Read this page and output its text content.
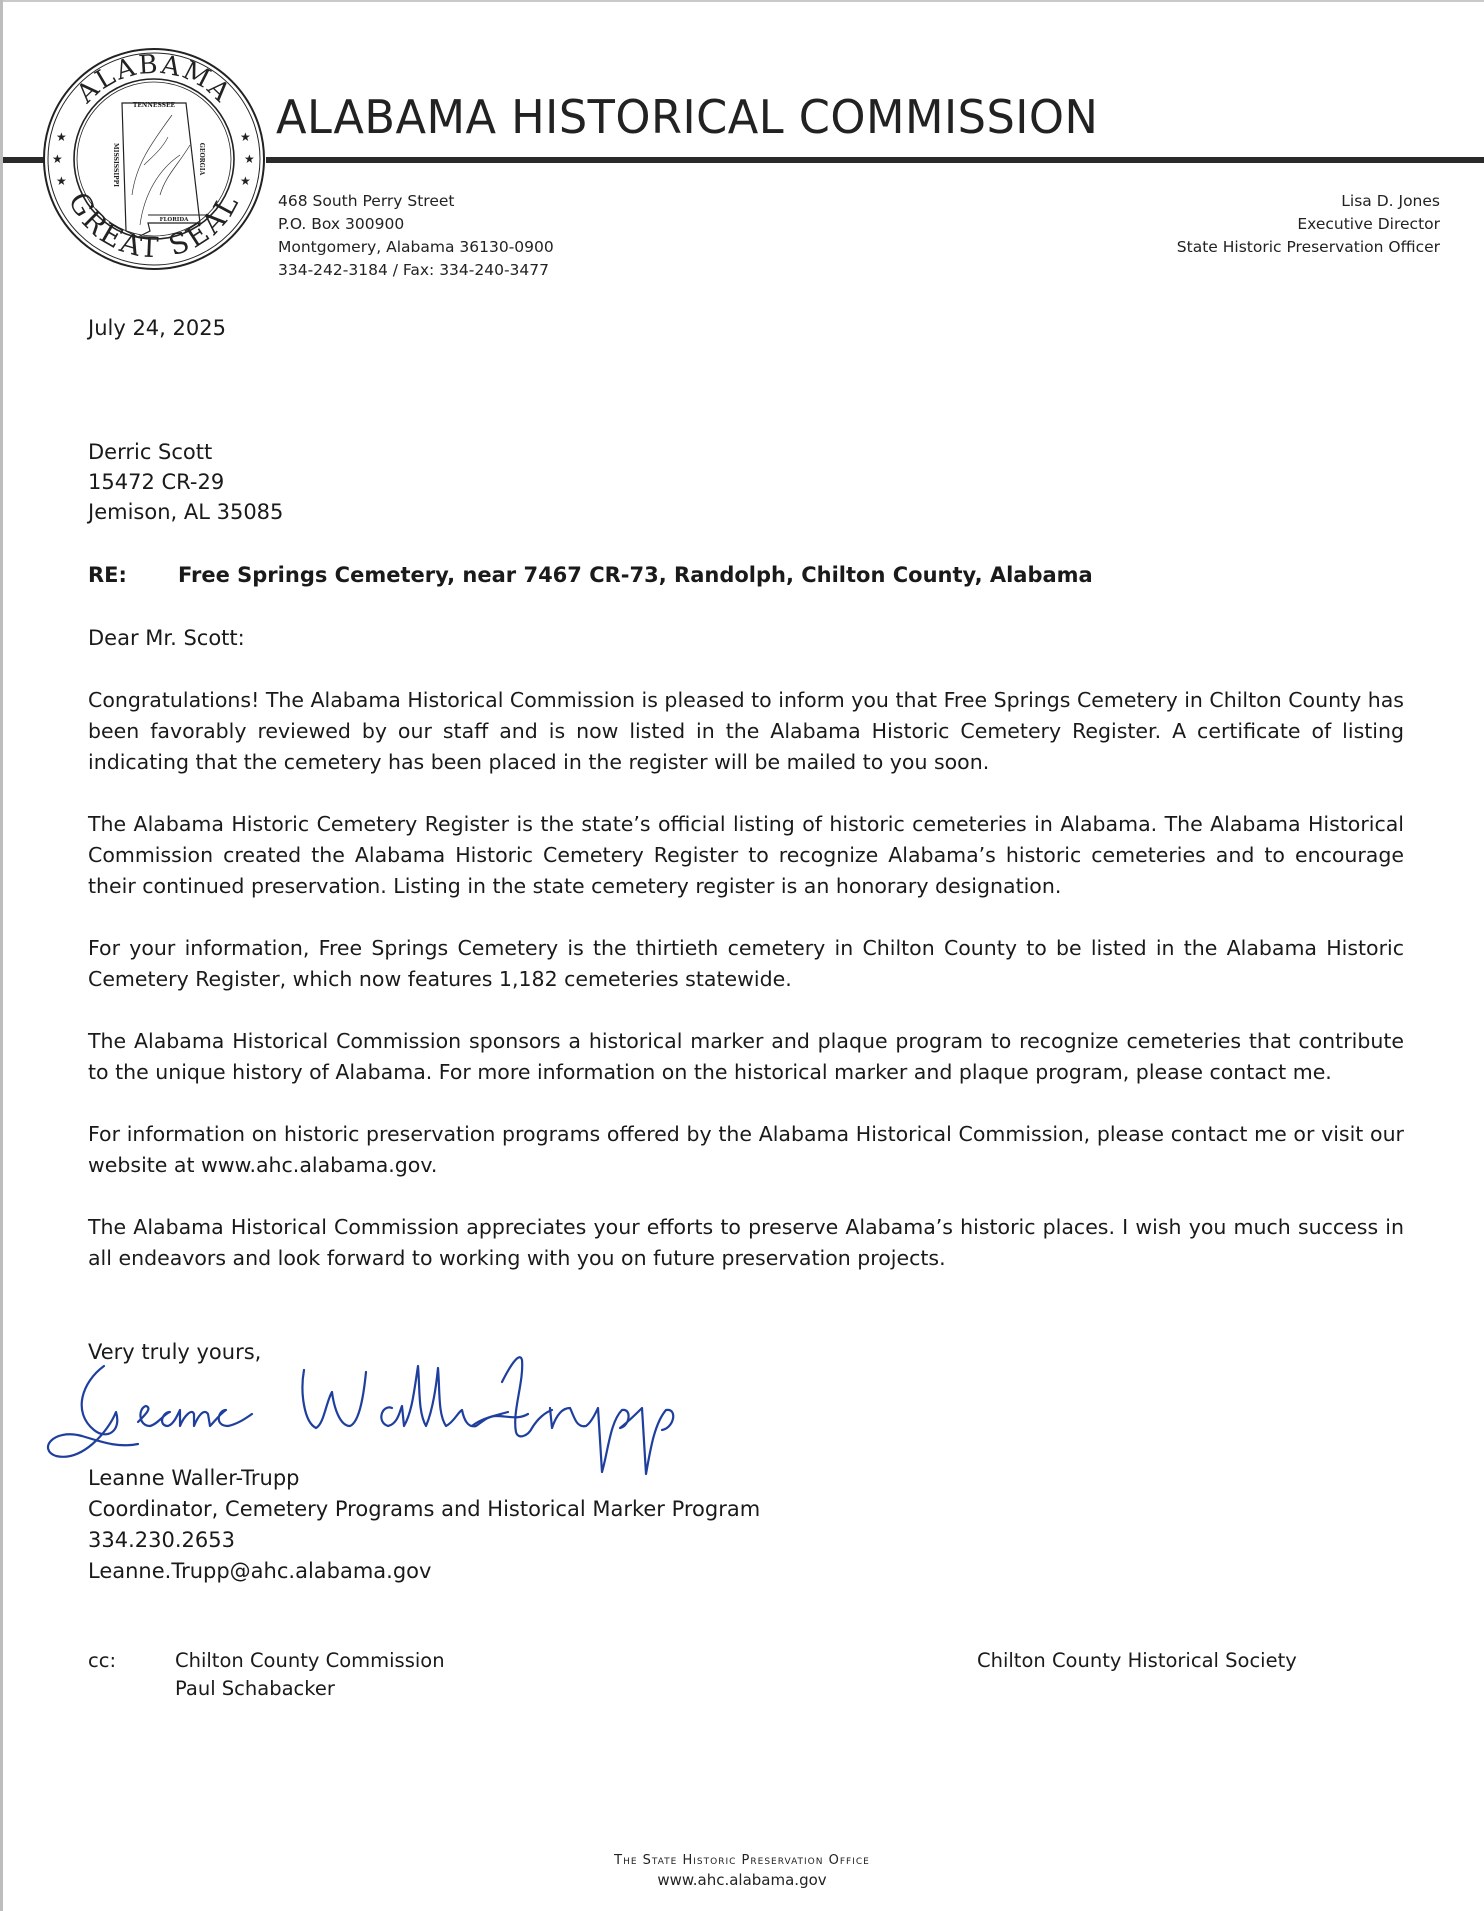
ALABAMA
GREAT SEAL
★
★
★
★
★
★
TENNESSEE
MISSISSIPPI	GEORGIA
FLORIDA
ALABAMA HISTORICAL COMMISSION
468 South Perry Street
P.O. Box 300900
Montgomery, Alabama 36130-0900
334-242-3184 / Fax: 334-240-3477
Lisa D. Jones
Executive Director
State Historic Preservation Officer
July 24, 2025
Derric Scott
15472 CR-29
Jemison, AL 35085
RE: Free Springs Cemetery, near 7467 CR-73, Randolph, Chilton County, Alabama
Dear Mr. Scott:

Congratulations! The Alabama Historical Commission is pleased to inform you that Free Springs Cemetery in Chilton County has been favorably reviewed by our staff and is now listed in the Alabama Historic Cemetery Register. A certificate of listing indicating that the cemetery has been placed in the register will be mailed to you soon.

The Alabama Historic Cemetery Register is the state’s official listing of historic cemeteries in Alabama. The Alabama Historical Commission created the Alabama Historic Cemetery Register to recognize Alabama’s historic cemeteries and to encourage their continued preservation. Listing in the state cemetery register is an honorary designation.

For your information, Free Springs Cemetery is the thirtieth cemetery in Chilton County to be listed in the Alabama Historic Cemetery Register, which now features 1,182 cemeteries statewide.

The Alabama Historical Commission sponsors a historical marker and plaque program to recognize cemeteries that contribute to the unique history of Alabama. For more information on the historical marker and plaque program, please contact me.

For information on historic preservation programs offered by the Alabama Historical Commission, please contact me or visit our website at www.ahc.alabama.gov.

The Alabama Historical Commission appreciates your efforts to preserve Alabama’s historic places. I wish you much success in all endeavors and look forward to working with you on future preservation projects.

Very truly yours,
Leanne Waller-Trupp
Coordinator, Cemetery Programs and Historical Marker Program
334.230.2653
Leanne.Trupp@ahc.alabama.gov
cc:	Chilton County Commission
Paul Schabacker
Chilton County Historical Society
The State Historic Preservation Office
www.ahc.alabama.gov
